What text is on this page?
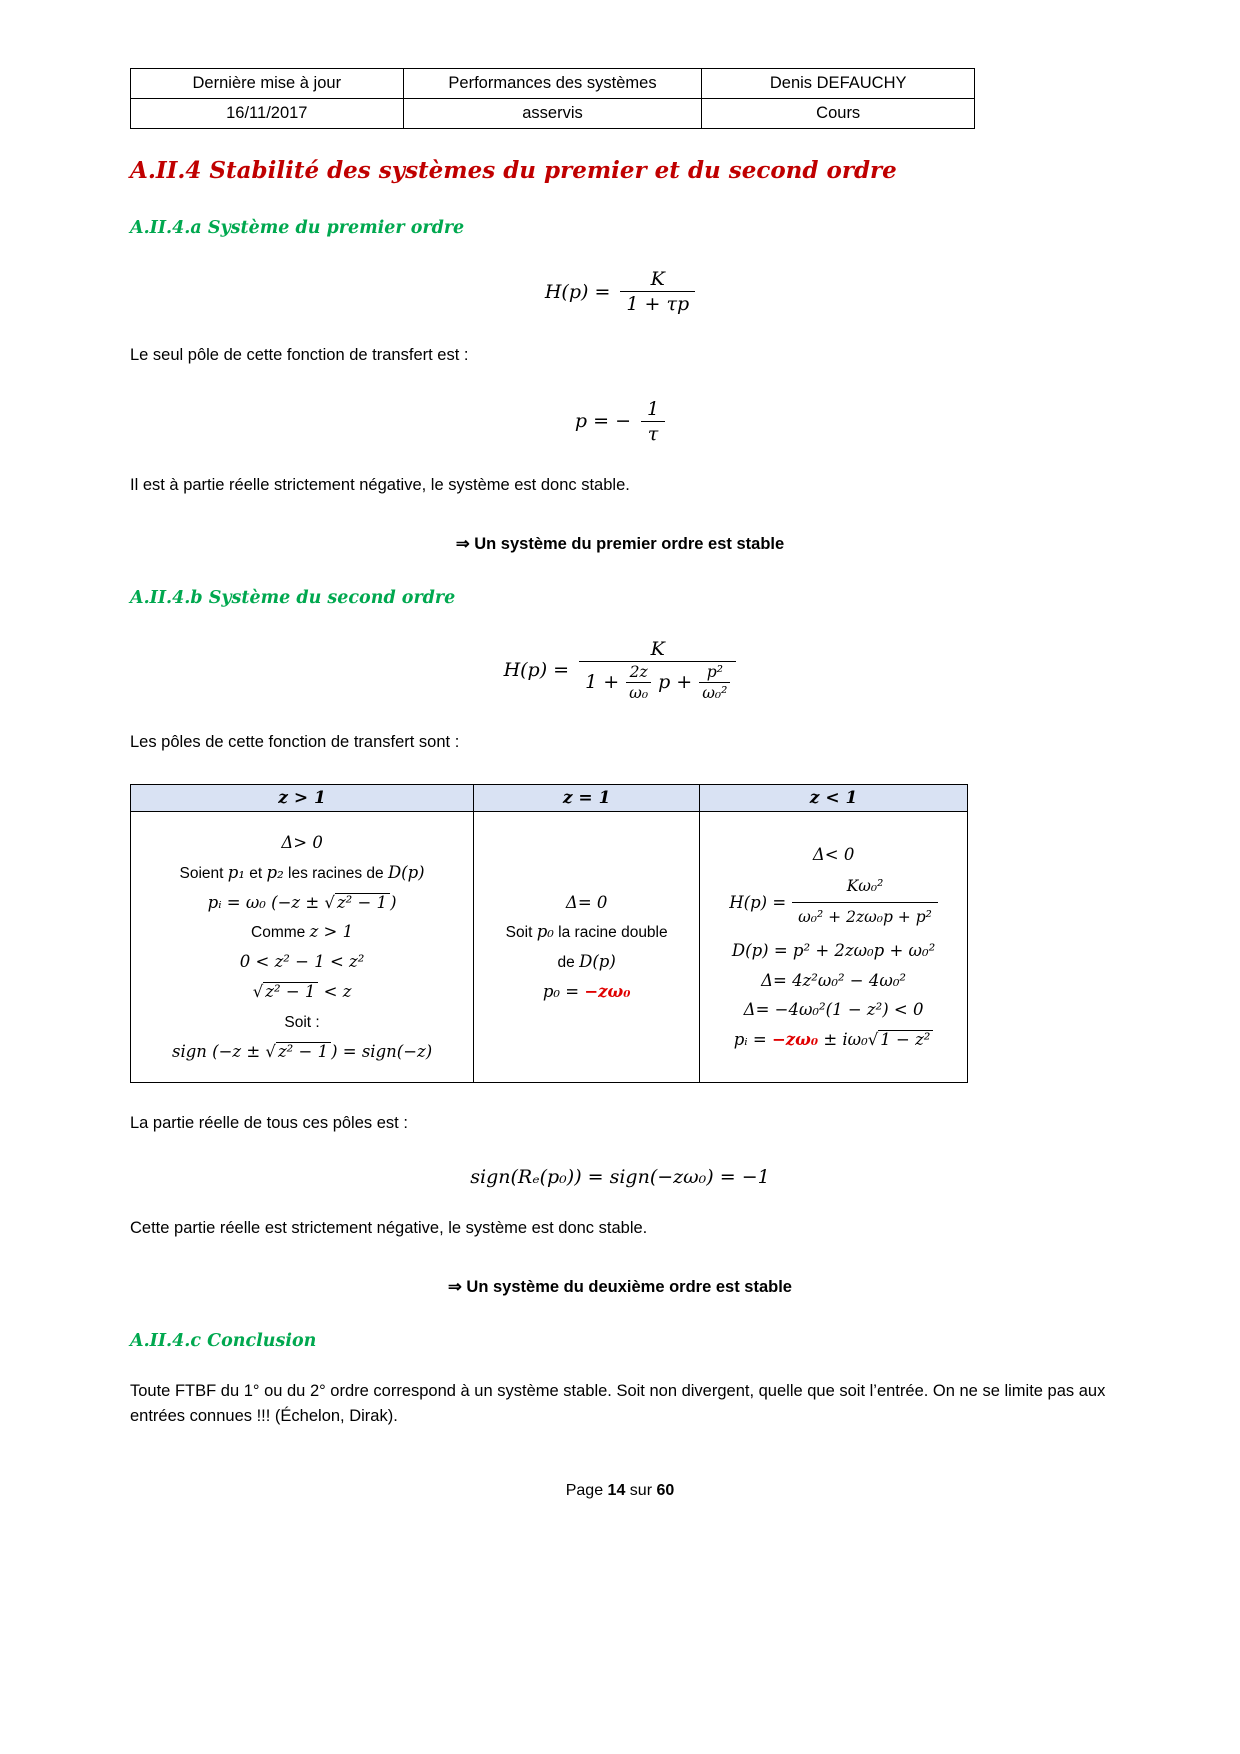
Dernière mise à jour	Performances des systèmes	Denis DEFAUCHY
16/11/2017	asservis	Cours
A.II.4 Stabilité des systèmes du premier et du second ordre
A.II.4.a Système du premier ordre
$H(p) = \frac{K}{1 + \tau p}$
Le seul pôle de cette fonction de transfert est :
p = − $\frac{1}{\tau}$
Il est à partie réelle strictement négative, le système est donc stable.
⇒ Un système du premier ordre est stable
A.II.4.b Système du second ordre
H(p) =
K
$1 + \frac{2z}{\text{ω₀}}$ $p + \frac{\text{p²}}{\text{ω₀²}}$
Les pôles de cette fonction de transfert sont :
z > 1	z = 1	z < 1

Δ> 0
Soient p₁ et p₂ les racines de D(p)
pᵢ = ω₀ (−z ± √ z² − 1 )
Comme z > 1
0 < z² − 1 < z²
√ z² − 1 < z
Soit :
sign (−z ± √ z² − 1 ) = sign(−z)

Δ= 0
Soit p₀ la racine double
de D(p)
p₀ = −zω₀

Δ< 0
$H(p) = \frac{\text{Kω₀²}}{\text{ω₀² + 2zω₀p + p²}}$
D(p) = p² + 2zω₀p + ω₀²
Δ= 4z²ω₀² − 4ω₀²
Δ= −4ω₀²(1 − z²) < 0
pᵢ = −zω₀ ± iω₀√ 1 − z²
La partie réelle de tous ces pôles est :
sign(Rₑ(p₀)) = sign(−zω₀) = −1
Cette partie réelle est strictement négative, le système est donc stable.
⇒ Un système du deuxième ordre est stable
A.II.4.c Conclusion
Toute FTBF du 1° ou du 2° ordre correspond à un système stable. Soit non divergent, quelle que soit l’entrée. On ne se limite pas aux entrées connues !!! (Échelon, Dirak).
Page 14 sur 60
